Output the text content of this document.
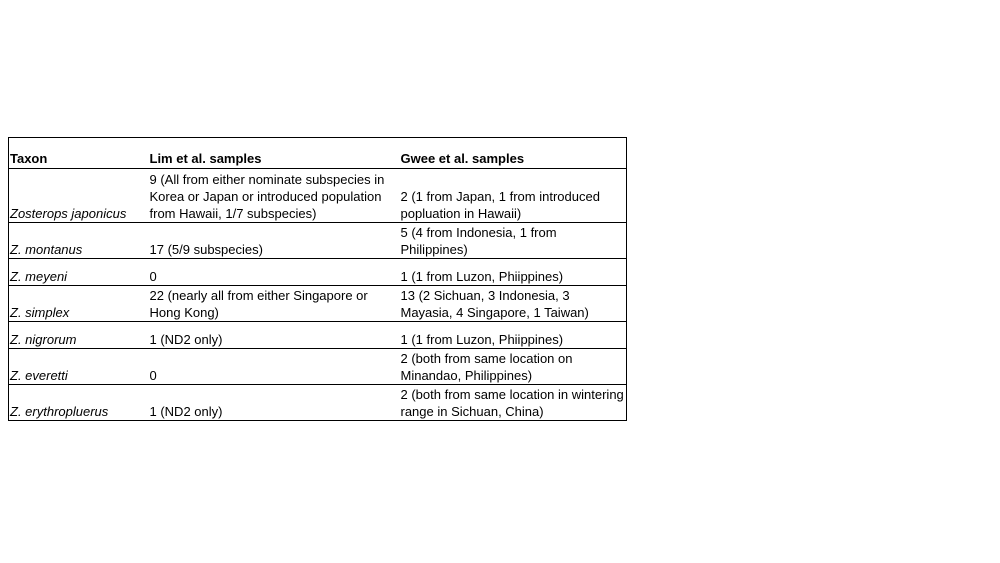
Taxon	Lim et al. samples	Gwee et al. samples
Zosterops japonicus	9 (All from either nominate subspecies in Korea or Japan or introduced population from Hawaii, 1/7 subspecies)	2 (1 from Japan, 1 from introduced popluation in Hawaii)
Z. montanus	17 (5/9 subspecies)	5 (4 from Indonesia, 1 from Philippines)
Z. meyeni	0	1 (1 from Luzon, Phiippines)
Z. simplex	22 (nearly all from either Singapore or Hong Kong)	13 (2 Sichuan, 3 Indonesia, 3 Mayasia, 4 Singapore, 1 Taiwan)
Z. nigrorum	1 (ND2 only)	1 (1 from Luzon, Phiippines)
Z. everetti	0	2 (both from same location on Minandao, Philippines)
Z. erythropluerus	1 (ND2 only)	2 (both from same location in wintering range in Sichuan, China)
